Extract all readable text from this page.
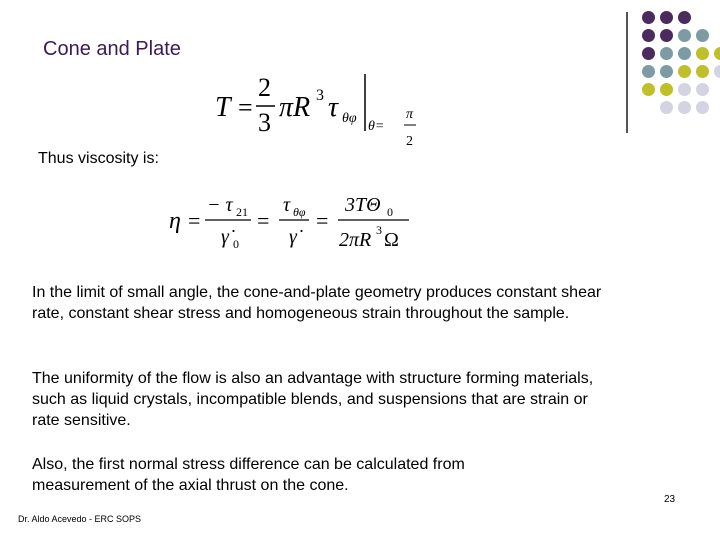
Cone and Plate
T =
2
3 πR 3 τ θφ
θ=
π
2
Thus viscosity is:
η =
− τ 21
γ̇ 0
=
τ θφ
γ̇
=
3TΘ 0
2πR 3 Ω
In the limit of small angle, the cone-and-plate geometry produces constant shear rate, constant shear stress and homogeneous strain throughout the sample.
The uniformity of the flow is also an advantage with structure forming materials, such as liquid crystals, incompatible blends, and suspensions that are strain or rate sensitive.
Also, the first normal stress difference can be calculated from measurement of the axial thrust on the cone.
23
Dr. Aldo Acevedo - ERC SOPS
